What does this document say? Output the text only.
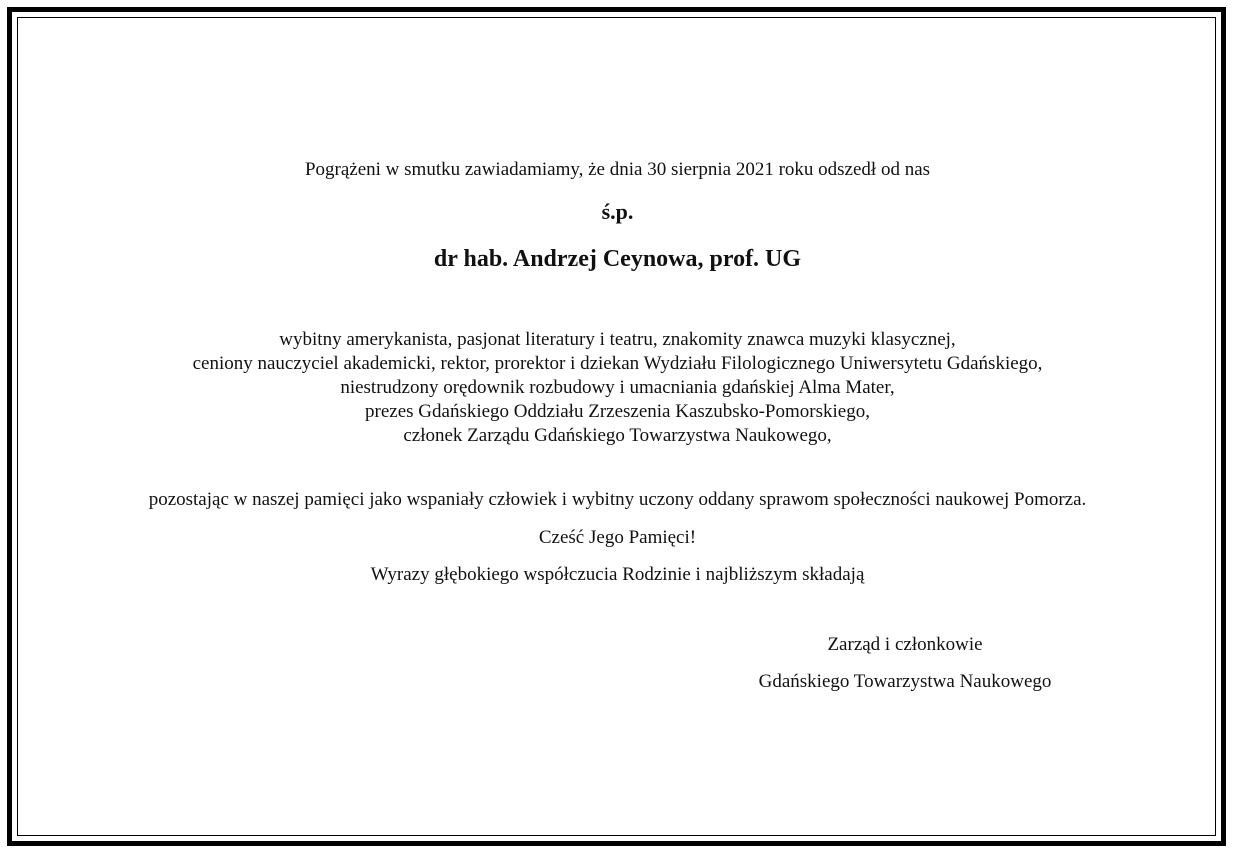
Pogrążeni w smutku zawiadamiamy, że dnia 30 sierpnia 2021 roku odszedł od nas
ś.p.
dr hab. Andrzej Ceynowa, prof. UG
wybitny amerykanista, pasjonat literatury i teatru, znakomity znawca muzyki klasycznej,
ceniony nauczyciel akademicki, rektor, prorektor i dziekan Wydziału Filologicznego Uniwersytetu Gdańskiego,
niestrudzony orędownik rozbudowy i umacniania gdańskiej Alma Mater,
prezes Gdańskiego Oddziału Zrzeszenia Kaszubsko-Pomorskiego,
członek Zarządu Gdańskiego Towarzystwa Naukowego,
pozostając w naszej pamięci jako wspaniały człowiek i wybitny uczony oddany sprawom społeczności naukowej Pomorza.
Cześć Jego Pamięci!
Wyrazy głębokiego współczucia Rodzinie i najbliższym składają
Zarząd i członkowie
Gdańskiego Towarzystwa Naukowego
